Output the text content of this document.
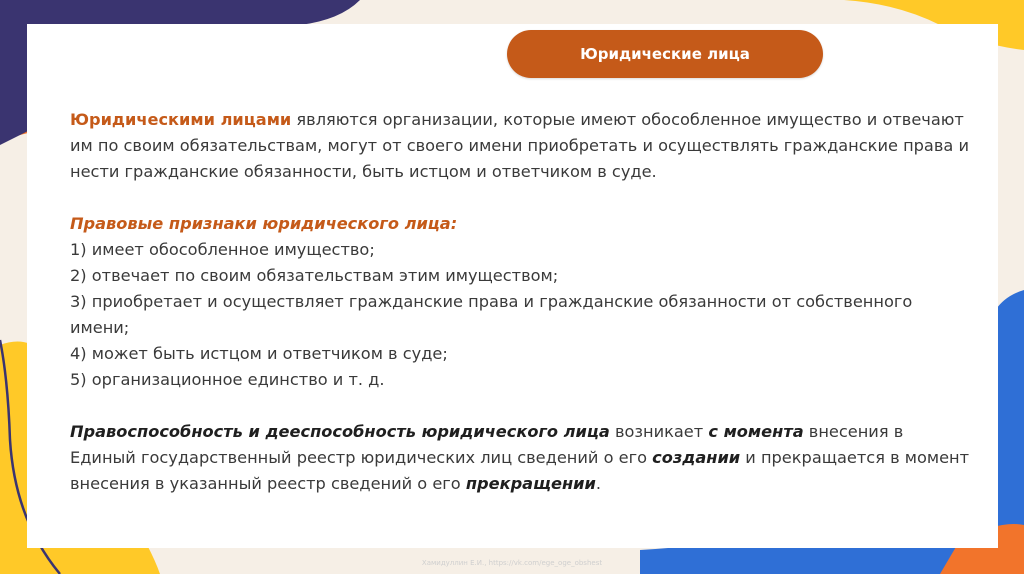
Юридические лица

Юридическими лицами являются организации, которые имеют обособленное имущество и отвечают им по своим обязательствам, могут от своего имени приобретать и осуществлять гражданские права и нести гражданские обязанности, быть истцом и ответчиком в суде.

Правовые признаки юридического лица:

1) имеет обособленное имущество;

2) отвечает по своим обязательствам этим имуществом;

3) приобретает и осуществляет гражданские права и гражданские обязанности от собственного имени;

4) может быть истцом и ответчиком в суде;

5) организационное единство и т. д.

Правоспособность и дееспособность юридического лица возникает с момента внесения в Единый государственный реестр юридических лиц сведений о его создании и прекращается в момент внесения в указанный реестр сведений о его прекращении.

Хамидуллин Е.И., https://vk.com/ege_oge_obshest
